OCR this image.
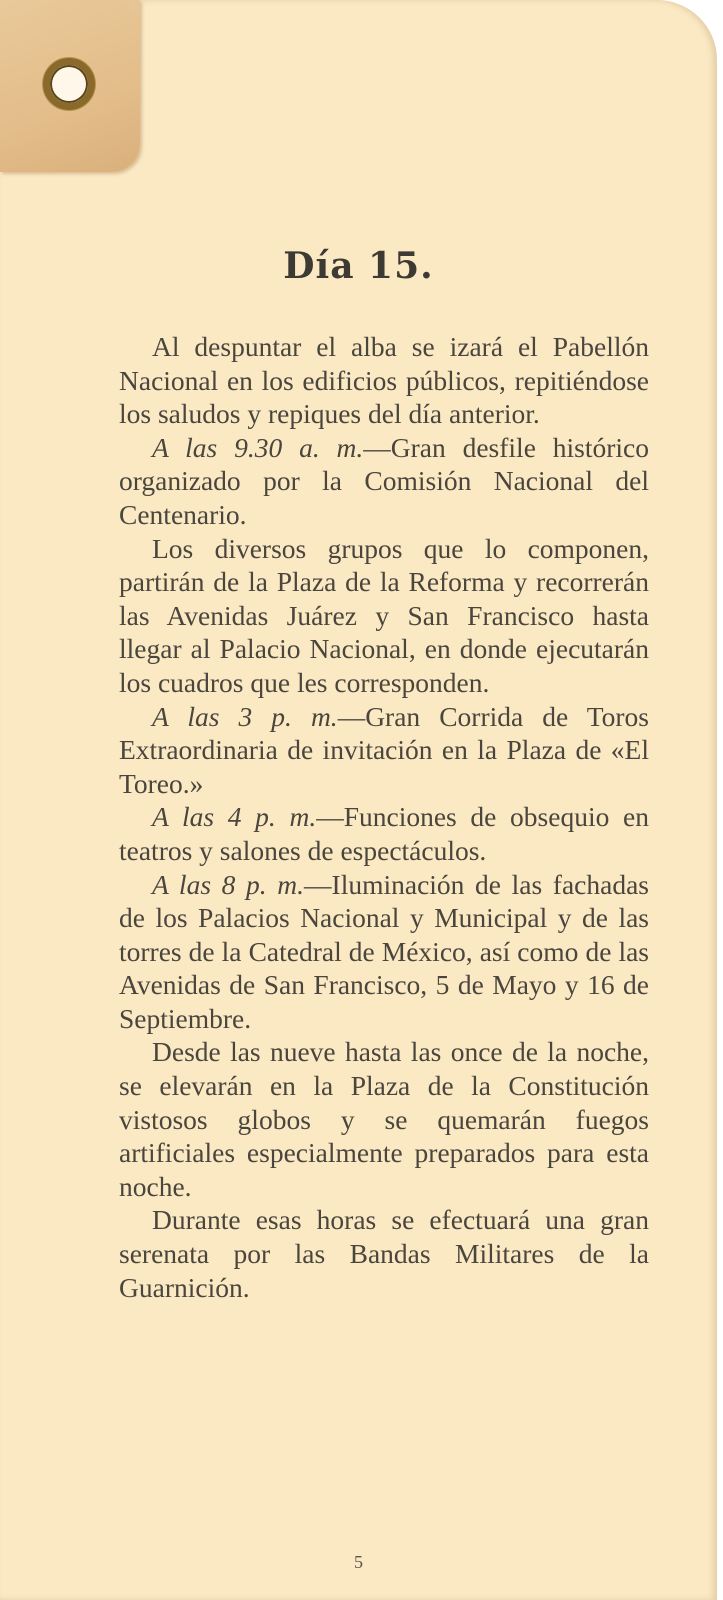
Día 15.

Al despuntar el alba se izará el Pabellón Nacional en los edificios públicos, repitiéndose los saludos y repiques del día anterior.

A las 9.30 a. m.—Gran desfile histórico organizado por la Comisión Nacional del Centenario.

Los diversos grupos que lo componen, partirán de la Plaza de la Reforma y recorrerán las Avenidas Juárez y San Francisco hasta llegar al Palacio Nacional, en donde ejecutarán los cuadros que les corresponden.

A las 3 p. m.—Gran Corrida de Toros Extraordinaria de invitación en la Plaza de «El Toreo.»

A las 4 p. m.—Funciones de obsequio en teatros y salones de espectáculos.

A las 8 p. m.—Iluminación de las fachadas de los Palacios Nacional y Municipal y de las torres de la Catedral de México, así como de las Avenidas de San Francisco, 5 de Mayo y 16 de Septiembre.

Desde las nueve hasta las once de la noche, se elevarán en la Plaza de la Constitución vistosos globos y se quemarán fuegos artificiales especialmente preparados para esta noche.

Durante esas horas se efectuará una gran serenata por las Bandas Militares de la Guarnición.

5
